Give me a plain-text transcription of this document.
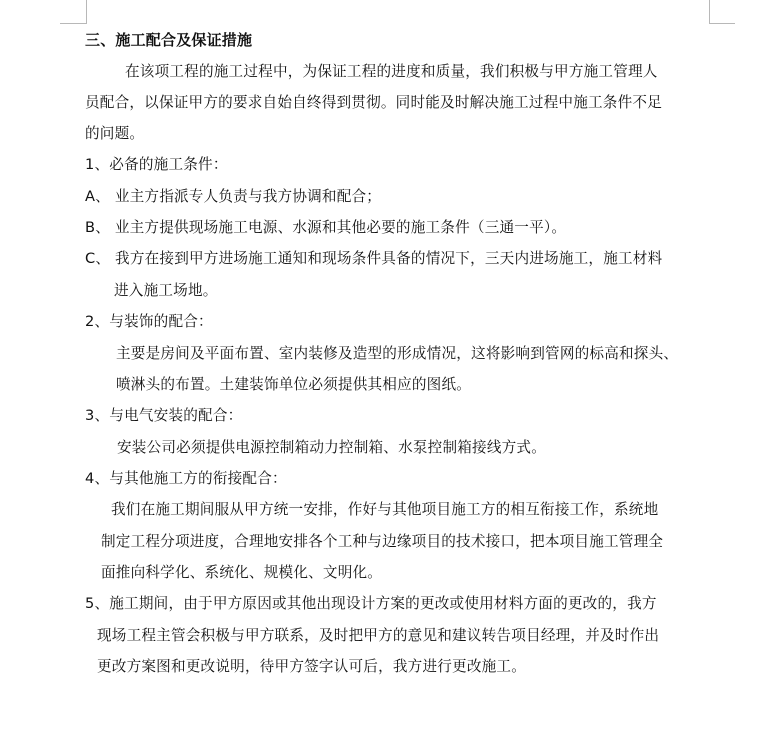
三、施工配合及保证措施
在该项工程的施工过程中，为保证工程的进度和质量，我们积极与甲方施工管理人
员配合，以保证甲方的要求自始自终得到贯彻。同时能及时解决施工过程中施工条件不足
的问题。
1、必备的施工条件：
A、 业主方指派专人负责与我方协调和配合；
B、 业主方提供现场施工电源、水源和其他必要的施工条件（三通一平）。
C、 我方在接到甲方进场施工通知和现场条件具备的情况下，三天内进场施工，施工材料
进入施工场地。
2、与装饰的配合：
主要是房间及平面布置、室内装修及造型的形成情况，这将影响到管网的标高和探头、
喷淋头的布置。土建装饰单位必须提供其相应的图纸。
3、与电气安装的配合：
安装公司必须提供电源控制箱动力控制箱、水泵控制箱接线方式。
4、与其他施工方的衔接配合：
我们在施工期间服从甲方统一安排，作好与其他项目施工方的相互衔接工作，系统地
制定工程分项进度，合理地安排各个工种与边缘项目的技术接口，把本项目施工管理全
面推向科学化、系统化、规模化、文明化。
5、施工期间，由于甲方原因或其他出现设计方案的更改或使用材料方面的更改的，我方
现场工程主管会积极与甲方联系，及时把甲方的意见和建议转告项目经理，并及时作出
更改方案图和更改说明，待甲方签字认可后，我方进行更改施工。
